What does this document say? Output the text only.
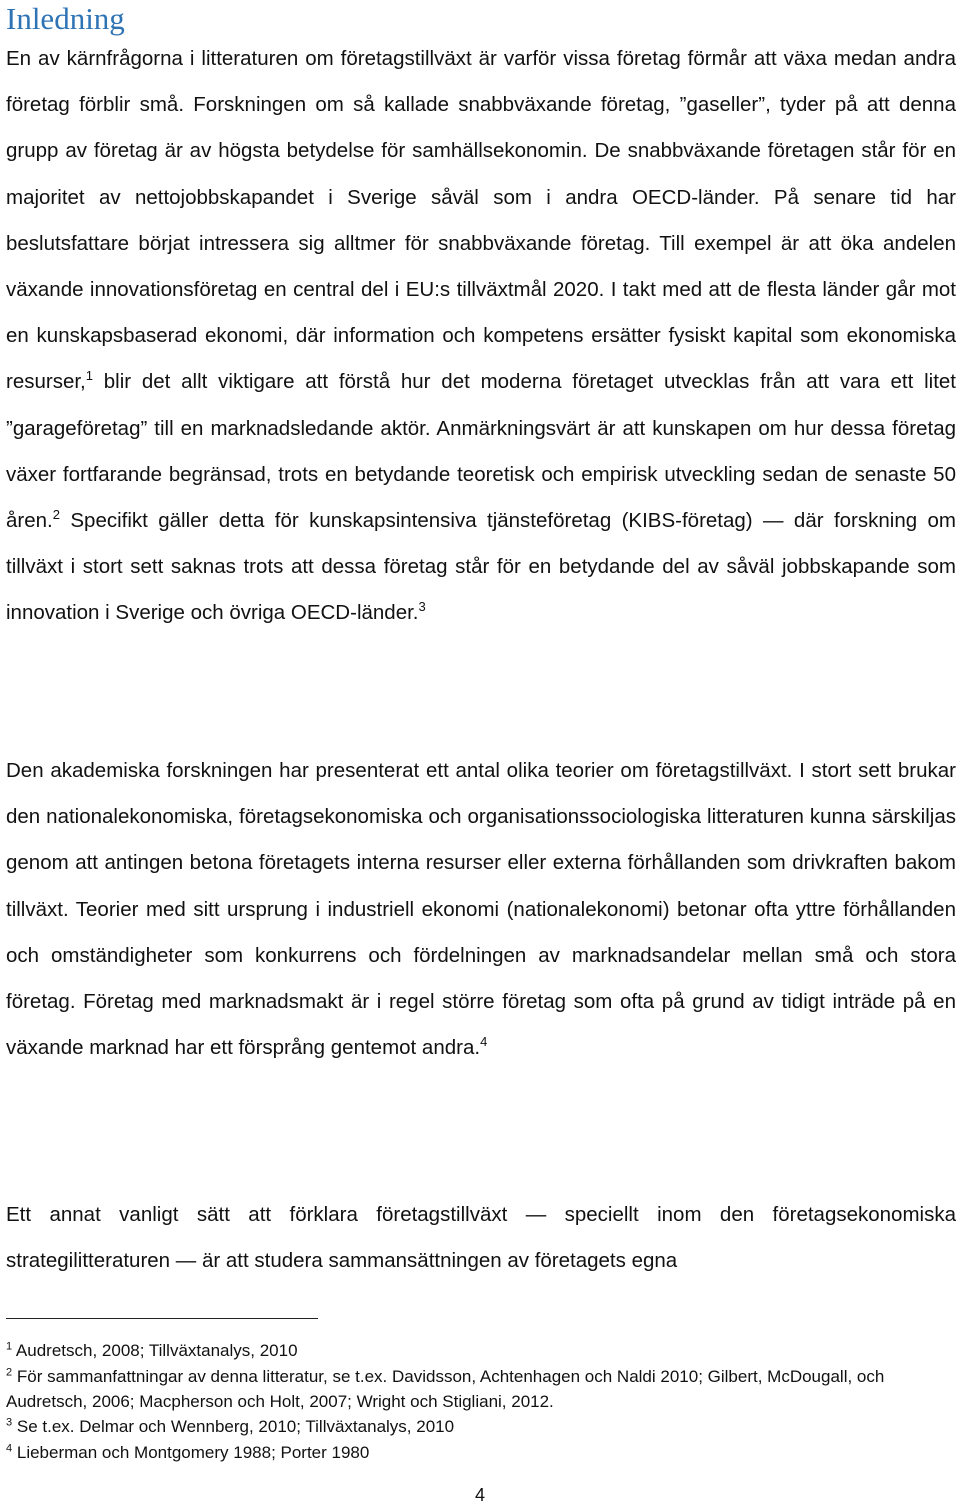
Inledning

En av kärnfrågorna i litteraturen om företagstillväxt är varför vissa företag förmår att växa medan andra företag förblir små. Forskningen om så kallade snabbväxande företag, ”gaseller”, tyder på att denna grupp av företag är av högsta betydelse för samhällsekonomin. De snabbväxande företagen står för en majoritet av nettojobbskapandet i Sverige såväl som i andra OECD-länder. På senare tid har beslutsfattare börjat intressera sig alltmer för snabbväxande företag. Till exempel är att öka andelen växande innovationsföretag en central del i EU:s tillväxtmål 2020. I takt med att de flesta länder går mot en kunskapsbaserad ekonomi, där information och kompetens ersätter fysiskt kapital som ekonomiska resurser,$^1$ blir det allt viktigare att förstå hur det moderna företaget utvecklas från att vara ett litet ”garageföretag” till en marknadsledande aktör. Anmärkningsvärt är att kunskapen om hur dessa företag växer fortfarande begränsad, trots en betydande teoretisk och empirisk utveckling sedan de senaste 50 åren.$^2$ Specifikt gäller detta för kunskapsintensiva tjänsteföretag (KIBS-företag) — där forskning om tillväxt i stort sett saknas trots att dessa företag står för en betydande del av såväl jobbskapande som innovation i Sverige och övriga OECD-länder.$^3$

Den akademiska forskningen har presenterat ett antal olika teorier om företagstillväxt. I stort sett brukar den nationalekonomiska, företagsekonomiska och organisationssociologiska litteraturen kunna särskiljas genom att antingen betona företagets interna resurser eller externa förhållanden som drivkraften bakom tillväxt. Teorier med sitt ursprung i industriell ekonomi (nationalekonomi) betonar ofta yttre förhållanden och omständigheter som konkurrens och fördelningen av marknadsandelar mellan små och stora företag. Företag med marknadsmakt är i regel större företag som ofta på grund av tidigt inträde på en växande marknad har ett försprång gentemot andra.$^4$

Ett annat vanligt sätt att förklara företagstillväxt — speciellt inom den företagsekonomiska strategilitteraturen — är att studera sammansättningen av företagets egna

$^1$ Audretsch, 2008; Tillväxtanalys, 2010

$^2$ För sammanfattningar av denna litteratur, se t.ex. Davidsson, Achtenhagen och Naldi 2010; Gilbert, McDougall, och Audretsch, 2006; Macpherson och Holt, 2007; Wright och Stigliani, 2012.

$^3$ Se t.ex. Delmar och Wennberg, 2010; Tillväxtanalys, 2010

$^4$ Lieberman och Montgomery 1988; Porter 1980

4
